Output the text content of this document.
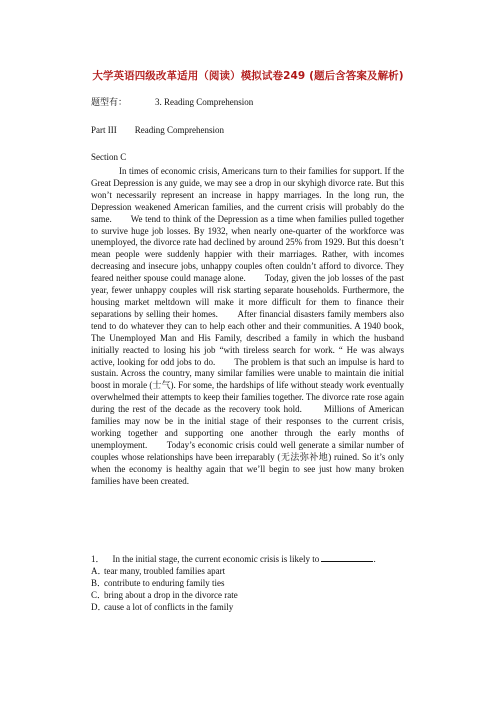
大学英语四级改革适用（阅读）模拟试卷249 (题后含答案及解析)
题型有：	3. Reading Comprehension
Part III Reading Comprehension
Section C

In times of economic crisis, Americans turn to their families for support. If the Great Depression is any guide, we may see a drop in our skyhigh divorce rate. But this won’t necessarily represent an increase in happy marriages. In the long run, the Depression weakened American families, and the current crisis will probably do the same.　　We tend to think of the Depression as a time when families pulled together to survive huge job losses. By 1932, when nearly one-quarter of the workforce was unemployed, the divorce rate had declined by around 25% from 1929. But this doesn’t mean people were suddenly happier with their marriages. Rather, with incomes decreasing and insecure jobs, unhappy couples often couldn’t afford to divorce. They feared neither spouse could manage alone.　　Today, given the job losses of the past year, fewer unhappy couples will risk starting separate households. Furthermore, the housing market meltdown will make it more difficult for them to finance their separations by selling their homes.　　After financial disasters family members also tend to do whatever they can to help each other and their communities. A 1940 book, The Unemployed Man and His Family, described a family in which the husband initially reacted to losing his job “with tireless search for work. “ He was always active, looking for odd jobs to do.　　The problem is that such an impulse is hard to sustain. Across the country, many similar families were unable to maintain die initial boost in morale (士气). For some, the hardships of life without steady work eventually overwhelmed their attempts to keep their families together. The divorce rate rose again during the rest of the decade as the recovery took hold.　　Millions of American families may now be in the initial stage of their responses to the current crisis, working together and supporting one another through the early months of unemployment.　　Today’s economic crisis could well generate a similar number of couples whose relationships have been irreparably (无法弥补地) ruined. So it’s only when the economy is healthy again that we’ll begin to see just how many broken families have been created.

1． In the initial stage, the current economic crisis is likely to	.
A．tear many, troubled families apart
B．contribute to enduring family ties
C．bring about a drop in the divorce rate
D．cause a lot of conflicts in the family
